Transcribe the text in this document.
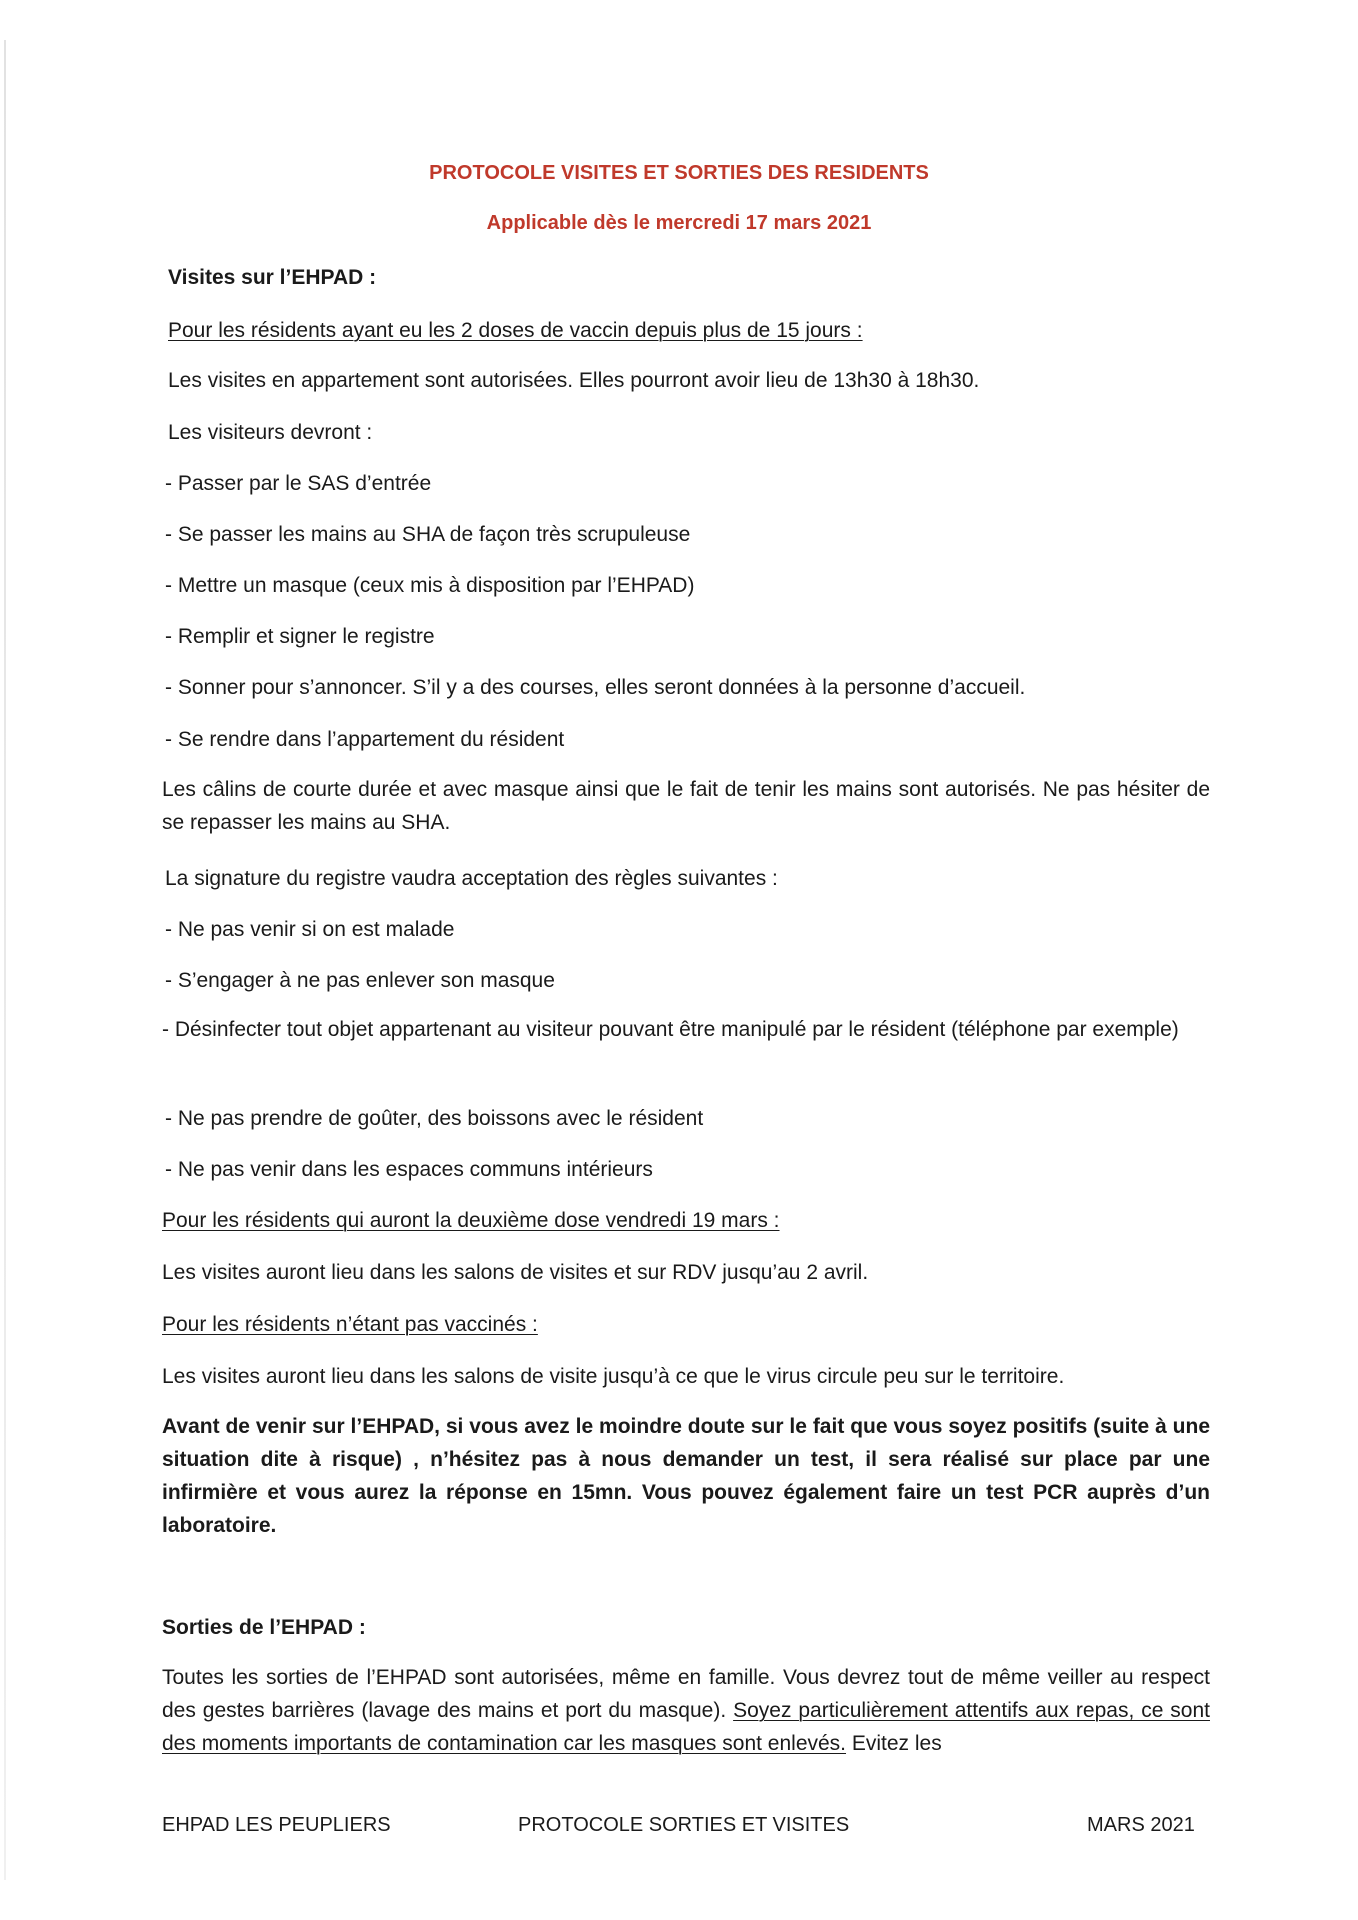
PROTOCOLE VISITES ET SORTIES DES RESIDENTS
Applicable dès le mercredi 17 mars 2021
Visites sur l’EHPAD :
Pour les résidents ayant eu les 2 doses de vaccin depuis plus de 15 jours :
Les visites en appartement sont autorisées. Elles pourront avoir lieu de 13h30 à 18h30.
Les visiteurs devront :
- Passer par le SAS d’entrée
- Se passer les mains au SHA de façon très scrupuleuse
- Mettre un masque (ceux mis à disposition par l’EHPAD)
- Remplir et signer le registre
- Sonner pour s’annoncer. S’il y a des courses, elles seront données à la personne d’accueil.
- Se rendre dans l’appartement du résident
Les câlins de courte durée et avec masque ainsi que le fait de tenir les mains sont autorisés. Ne pas hésiter de se repasser les mains au SHA.
La signature du registre vaudra acceptation des règles suivantes :
- Ne pas venir si on est malade
- S’engager à ne pas enlever son masque
- Désinfecter tout objet appartenant au visiteur pouvant être manipulé par le résident (téléphone par exemple)
- Ne pas prendre de goûter, des boissons avec le résident
- Ne pas venir dans les espaces communs intérieurs
Pour les résidents qui auront la deuxième dose vendredi 19 mars :
Les visites auront lieu dans les salons de visites et sur RDV jusqu’au 2 avril.
Pour les résidents n’étant pas vaccinés :
Les visites auront lieu dans les salons de visite jusqu’à ce que le virus circule peu sur le territoire.
Avant de venir sur l’EHPAD, si vous avez le moindre doute sur le fait que vous soyez positifs (suite à une situation dite à risque) , n’hésitez pas à nous demander un test, il sera réalisé sur place par une infirmière et vous aurez la réponse en 15mn. Vous pouvez également faire un test PCR auprès d’un laboratoire.
Sorties de l’EHPAD :
Toutes les sorties de l’EHPAD sont autorisées, même en famille. Vous devrez tout de même veiller au respect des gestes barrières (lavage des mains et port du masque). Soyez particulièrement attentifs aux repas, ce sont des moments importants de contamination car les masques sont enlevés. Evitez les
EHPAD LES PEUPLIERS	PROTOCOLE SORTIES ET VISITES	MARS 2021
